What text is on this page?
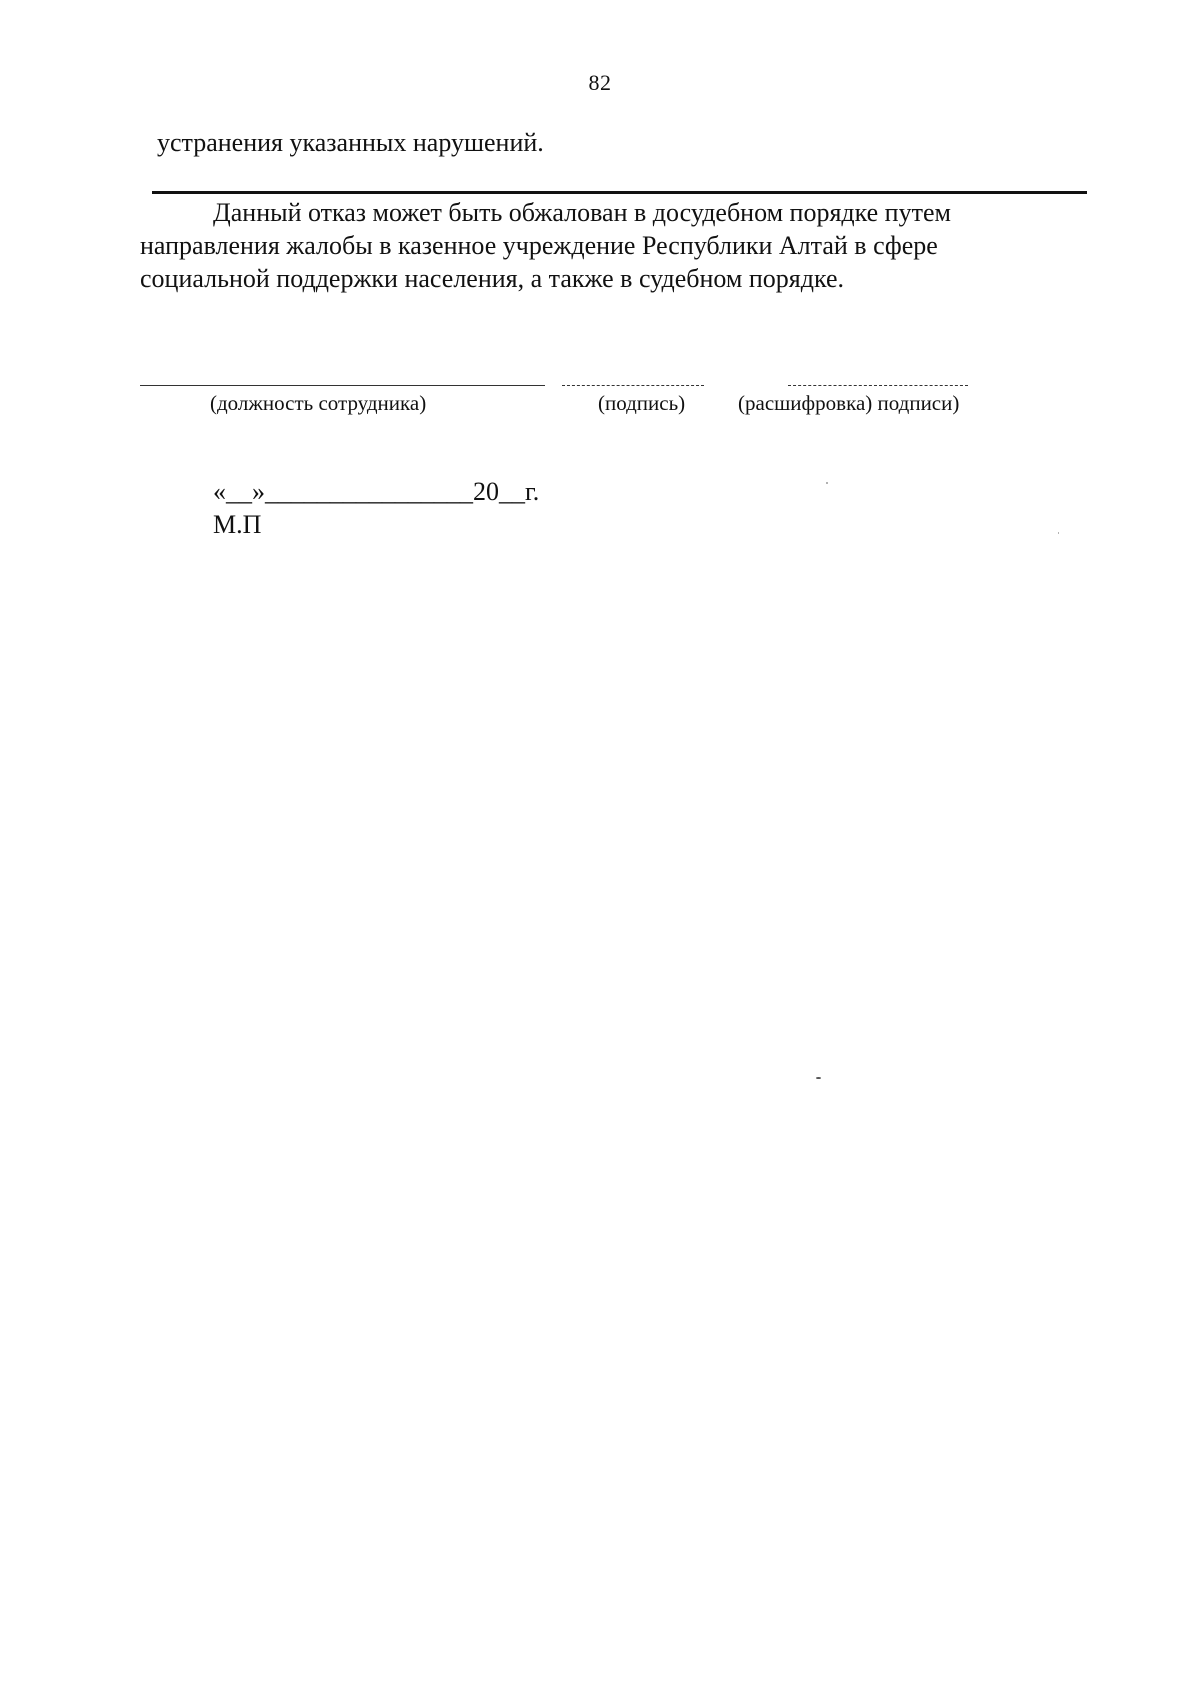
82
устранения указанных нарушений.

Данный отказ может быть обжалован в досудебном порядке путем направления жалобы в казенное учреждение Республики Алтай в сфере социальной поддержки населения, а также в судебном порядке.

(должность сотрудника)	(подпись)	(расшифровка) подписи)
«__»________________20__г.
М.П
